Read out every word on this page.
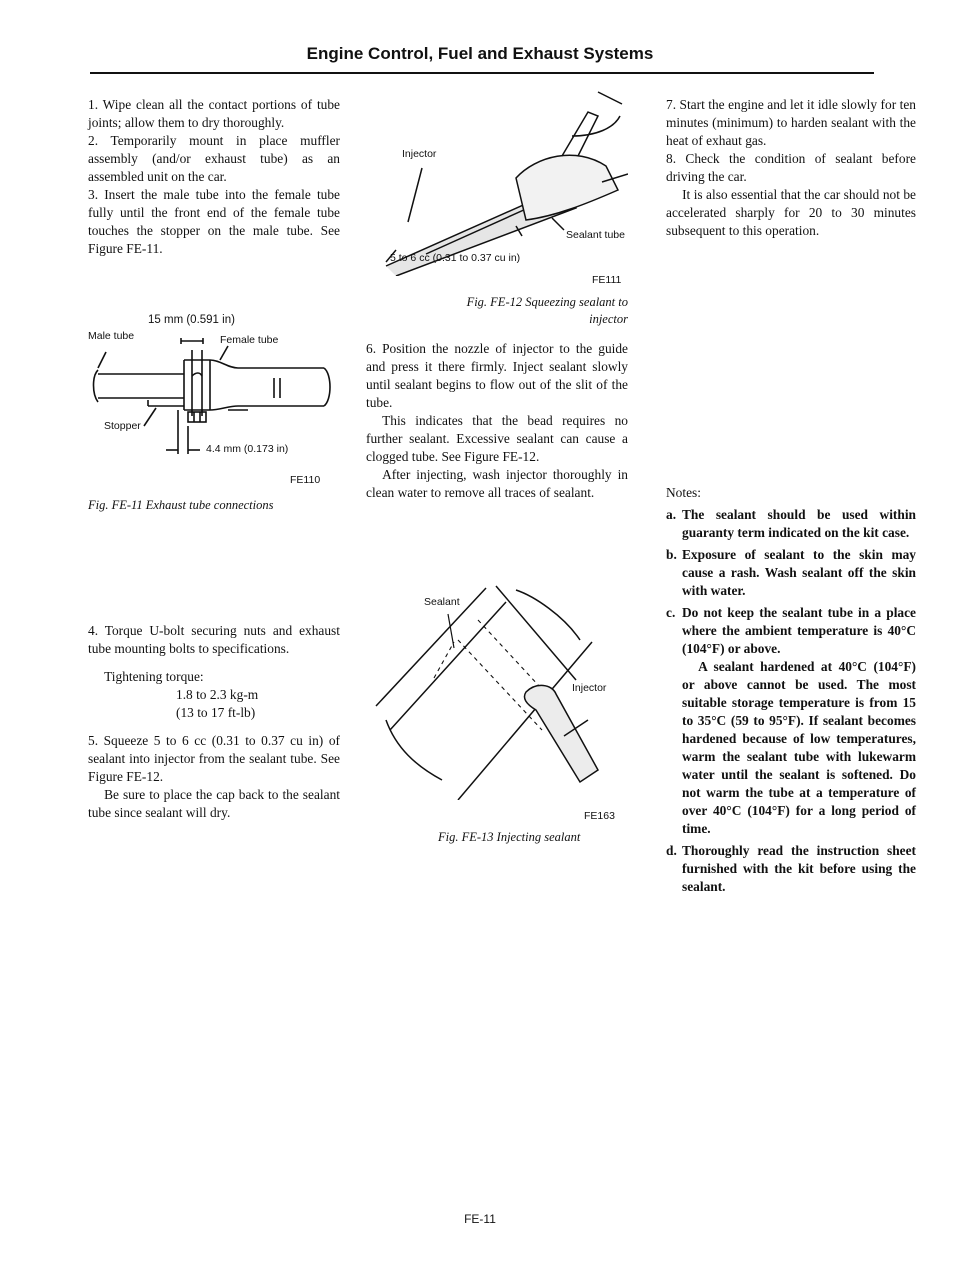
Engine Control, Fuel and Exhaust Systems

1. Wipe clean all the contact portions of tube joints; allow them to dry thoroughly.

2. Temporarily mount in place muffler assembly (and/or exhaust tube) as an assembled unit on the car.

3. Insert the male tube into the female tube fully until the front end of the female tube touches the stopper on the male tube. See Figure FE-11.

15 mm (0.591 in)
Male tube	Female tube
Stopper
4.4 mm (0.173 in)
FE110
Fig. FE-11 Exhaust tube connections

4. Torque U-bolt securing nuts and exhaust tube mounting bolts to specifications.

Tightening torque:
1.8 to 2.3 kg-m
(13 to 17 ft-lb)

5. Squeeze 5 to 6 cc (0.31 to 0.37 cu in) of sealant into injector from the sealant tube. See Figure FE-12.

Be sure to place the cap back to the sealant tube since sealant will dry.

Injector
Sealant tube
5 to 6 cc (0.31 to 0.37 cu in)
FE111
Fig. FE-12 Squeezing sealant to
injector

6. Position the nozzle of injector to the guide and press it there firmly. Inject sealant slowly until sealant begins to flow out of the slit of the tube.

This indicates that the bead requires no further sealant. Excessive sealant can cause a clogged tube. See Figure FE-12.

After injecting, wash injector thoroughly in clean water to remove all traces of sealant.

Sealant
Injector
FE163
Fig. FE-13 Injecting sealant

7. Start the engine and let it idle slowly for ten minutes (minimum) to harden sealant with the heat of exhaut gas.

8. Check the condition of sealant before driving the car.

It is also essential that the car should not be accelerated sharply for 20 to 30 minutes subsequent to this operation.

Notes:
a. The sealant should be used within guaranty term indicated on the kit case.
b. Exposure of sealant to the skin may cause a rash. Wash sealant off the skin with water.
c. Do not keep the sealant tube in a place where the ambient temperature is 40°C (104°F) or above.
A sealant hardened at 40°C (104°F) or above cannot be used. The most suitable storage temperature is from 15 to 35°C (59 to 95°F). If sealant becomes hardened because of low temperatures, warm the sealant tube with lukewarm water until the sealant is softened. Do not warm the tube at a temperature of over 40°C (104°F) for a long period of time.
d. Thoroughly read the instruction sheet furnished with the kit before using the sealant.
FE-11
